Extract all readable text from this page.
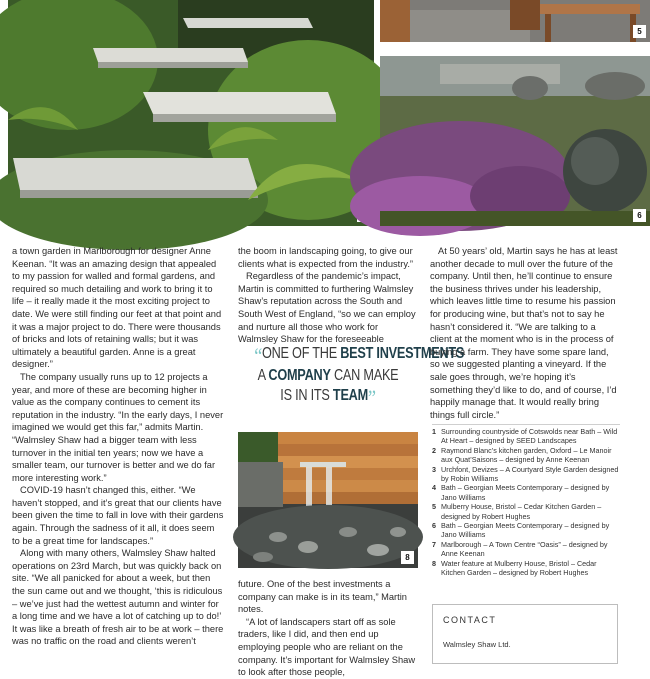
5
6

a town garden in Marlborough for designer Anne Keenan. “It was an amazing design that appealed to my passion for walled and formal gardens, and required so much detailing and work to bring it to life – it really made it the most exciting project to date. We were still finding our feet at that point and it was a major project to do. There were thousands of bricks and lots of retaining walls; but it was ultimately a beautiful garden. Anne is a great designer.”

The company usually runs up to 12 projects a year, and more of these are becoming higher in value as the company continues to cement its reputation in the industry. “In the early days, I never imagined we would get this far,” admits Martin. “Walmsley Shaw had a bigger team with less turnover in the initial ten years; now we have a smaller team, our turnover is better and we do far more interesting work.”

COVID-19 hasn’t changed this, either. “We haven’t stopped, and it’s great that our clients have been given the time to fall in love with their gardens again. Through the sadness of it all, it does seem to be a great time for landscapes.”

Along with many others, Walmsley Shaw halted operations on 23rd March, but was quickly back on site. “We all panicked for about a week, but then the sun came out and we thought, ‘this is ridiculous – we’ve just had the wettest autumn and winter for a long time and we have a lot of catching up to do!’ It was like a breath of fresh air to be at work – there was no traffic on the road and clients weren’t

the boom in landscaping going, to give our clients what is expected from the industry.”

Regardless of the pandemic’s impact, Martin is committed to furthering Walmsley Shaw’s reputation across the South and South West of England, “so we can employ and nurture all those who work for Walmsley Shaw for the foreseeable

“ONE OF THE BEST INVESTMENTS
A COMPANY CAN MAKE
IS IN ITS TEAM”
8

future. One of the best investments a company can make is in its team,” Martin notes.

“A lot of landscapers start off as sole traders, like I did, and then end up employing people who are reliant on the company. It’s important for Walmsley Shaw to look after those people,

At 50 years’ old, Martin says he has at least another decade to mull over the future of the company. Until then, he’ll continue to ensure the business thrives under his leadership, which leaves little time to resume his passion for producing wine, but that’s not to say he hasn’t considered it. “We are talking to a client at the moment who is in the process of buying a farm. They have some spare land, so we suggested planting a vineyard. If the sale goes through, we’re hoping it’s something they’d like to do, and of course, I’d happily manage that. It would really bring things full circle.”

1 Surrounding countryside of Cotswolds near Bath – Wild At Heart – designed by SEED Landscapes
2 Raymond Blanc’s kitchen garden, Oxford – Le Manoir aux Quat’Saisons – designed by Anne Keenan
3 Urchfont, Devizes – A Courtyard Style Garden designed by Robin Williams
4 Bath – Georgian Meets Contemporary – designed by Jano Williams
5 Mulberry House, Bristol – Cedar Kitchen Garden – designed by Robert Hughes
6 Bath – Georgian Meets Contemporary – designed by Jano Williams
7 Marlborough – A Town Centre “Oasis” – designed by Anne Keenan
8 Water feature at Mulberry House, Bristol – Cedar Kitchen Garden – designed by Robert Hughes
CONTACT
Walmsley Shaw Ltd.
